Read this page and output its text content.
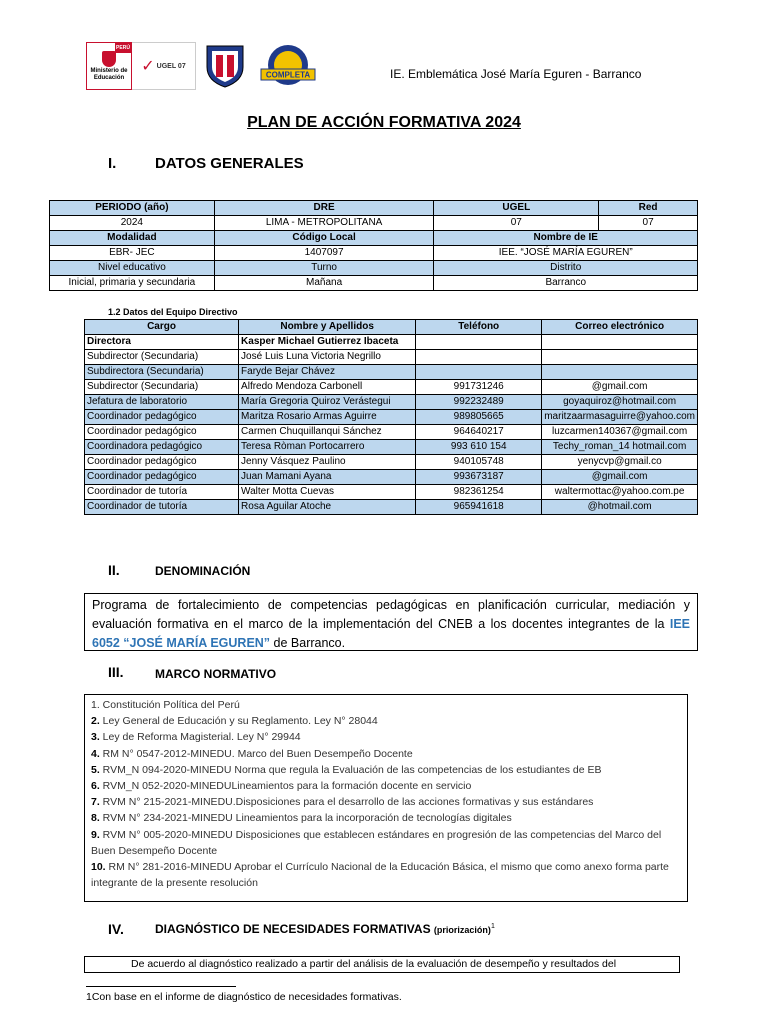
PERÚ
Ministerio de Educación
✓ UGEL 07
COMPLETA	IE. Emblemática José María Eguren - Barranco
PLAN DE ACCIÓN FORMATIVA 2024
I.	DATOS GENERALES
PERIODO (año)	DRE	UGEL	Red
2024	LIMA - METROPOLITANA	07	07
Modalidad	Código Local	Nombre de IE	
EBR- JEC	1407097	IEE. “JOSÉ MARÍA EGUREN”	
Nivel educativo	Turno	Distrito	
Inicial, primaria y secundaria	Mañana	Barranco	
1.2 Datos del Equipo Directivo
Cargo	Nombre y Apellidos	Teléfono	Correo electrónico
Directora	Kasper Michael Gutierrez Ibaceta		
Subdirector (Secundaria)	José Luis Luna Victoria Negrillo		
Subdirectora (Secundaria)	Faryde Bejar Chávez		
Subdirector (Secundaria)	Alfredo Mendoza Carbonell	991731246	@gmail.com
Jefatura de laboratorio	María Gregoria Quiroz Verástegui	992232489	goyaquiroz@hotmail.com
Coordinador pedagógico	Maritza Rosario Armas Aguirre	989805665	maritzaarmasaguirre@yahoo.com
Coordinador pedagógico	Carmen Chuquillanqui Sánchez	964640217	luzcarmen140367@gmail.com
Coordinadora pedagógico	Teresa Ròman Portocarrero	993 610 154	Techy_roman_14 hotmail.com
Coordinador pedagógico	Jenny Vásquez Paulino	940105748	yenycvp@gmail.co
Coordinador pedagógico	Juan Mamani Ayana	993673187	@gmail.com
Coordinador de tutoría	Walter Motta Cuevas	982361254	waltermottac@yahoo.com.pe
Coordinador de tutoría	Rosa Aguilar Atoche	965941618	@hotmail.com
II.	DENOMINACIÓN
Programa de fortalecimiento de competencias pedagógicas en planificación curricular, mediación y evaluación formativa en el marco de la implementación del CNEB a los docentes integrantes de la IEE 6052 “JOSÉ MARÍA EGUREN” de Barranco.
III.	MARCO NORMATIVO
1. Constitución Política del Perú
2. Ley General de Educación y su Reglamento. Ley N° 28044
3. Ley de Reforma Magisterial. Ley N° 29944
4. RM N° 0547-2012-MINEDU. Marco del Buen Desempeño Docente
5. RVM_N 094-2020-MINEDU Norma que regula la Evaluación de las competencias de los estudiantes de EB
6. RVM_N 052-2020-MINEDULineamientos para la formación docente en servicio
7. RVM N° 215-2021-MINEDU.Disposiciones para el desarrollo de las acciones formativas y sus estándares
8. RVM N° 234-2021-MINEDU Lineamientos para la incorporación de tecnologías digitales
9. RVM N° 005-2020-MINEDU Disposiciones que establecen estándares en progresión de las competencias del Marco del Buen Desempeño Docente
10. RM N° 281-2016-MINEDU Aprobar el Currículo Nacional de la Educación Básica, el mismo que como anexo forma parte integrante de la presente resolución
IV.	DIAGNÓSTICO DE NECESIDADES FORMATIVAS (priorización)$^1$
De acuerdo al diagnóstico realizado a partir del análisis de la evaluación de desempeño y resultados del
1Con base en el informe de diagnóstico de necesidades formativas.
